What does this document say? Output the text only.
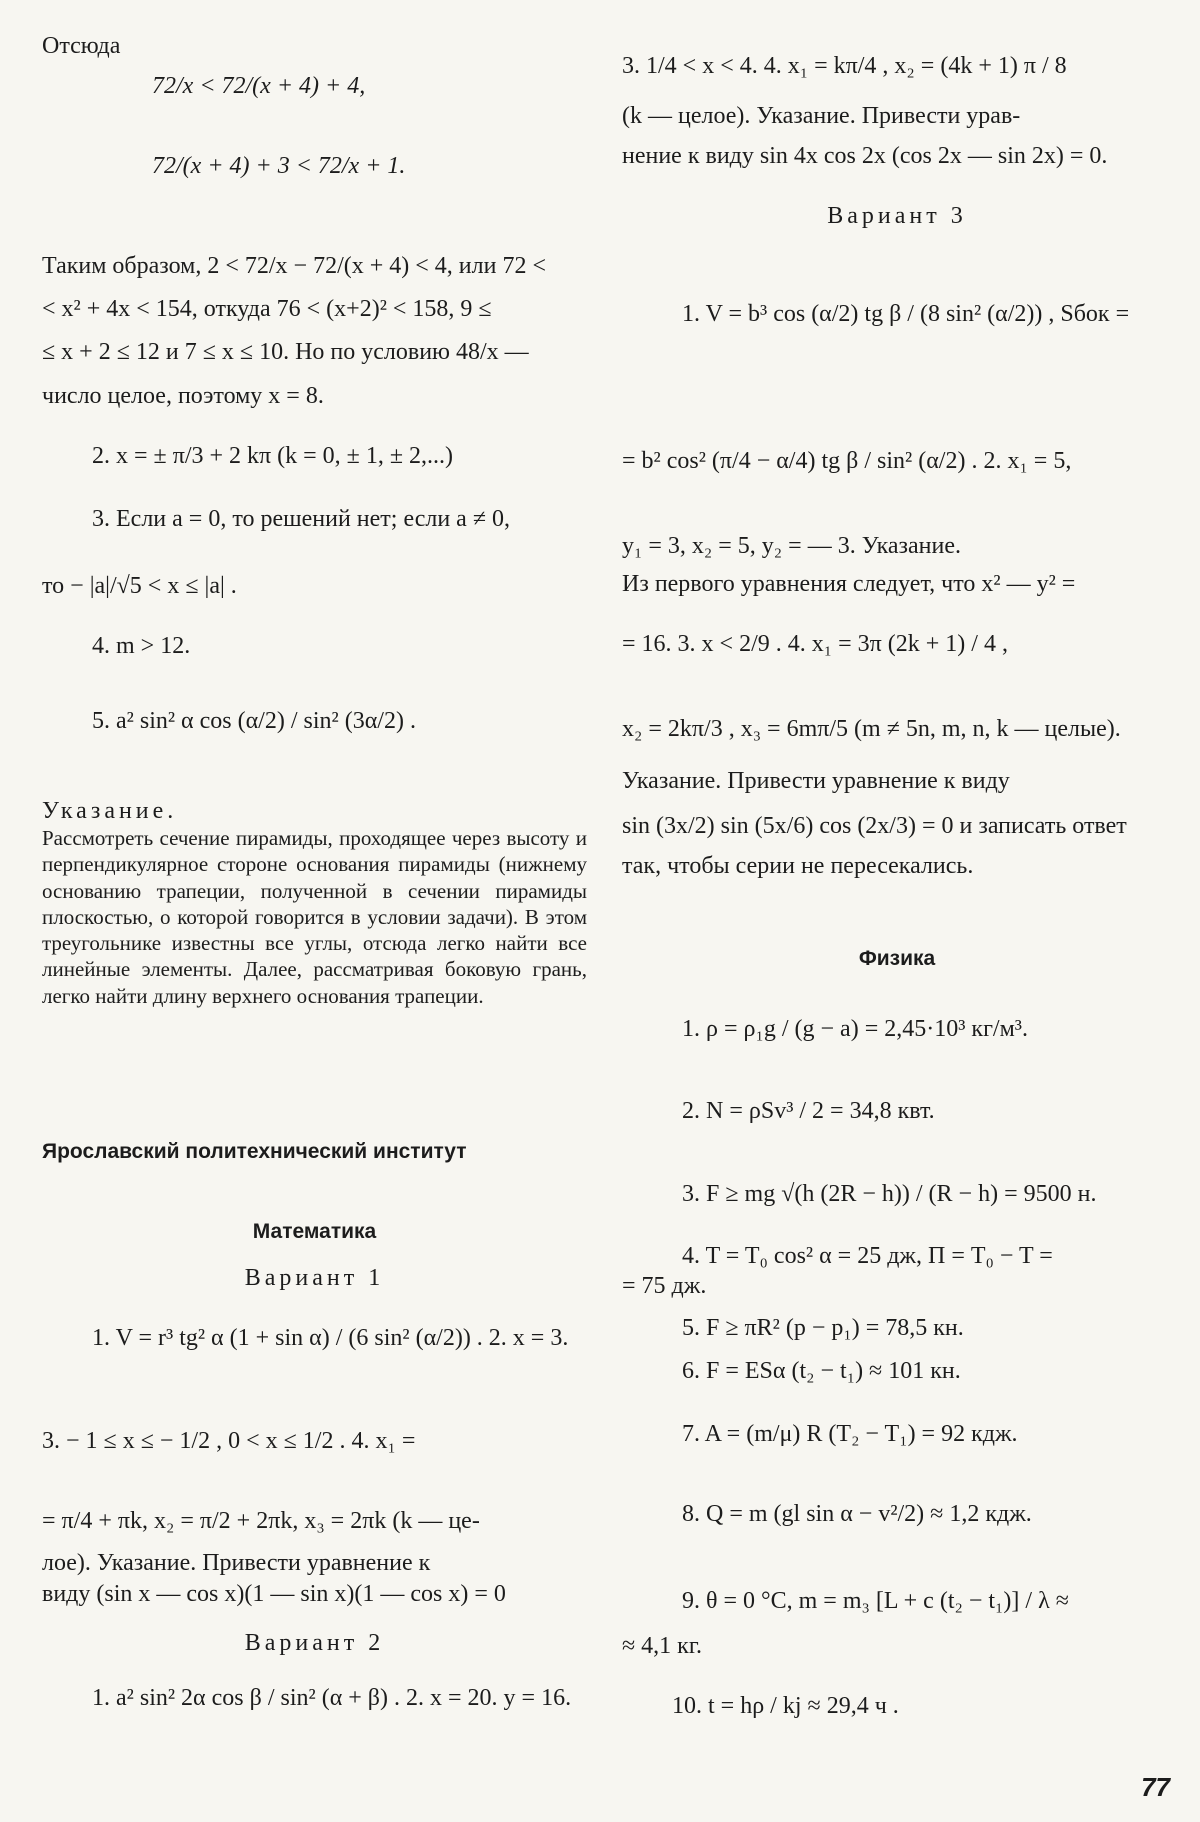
Отсюда
72/x < 72/(x + 4) + 4,
72/(x + 4) + 3 < 72/x + 1.
Таким образом, 2 < 72/x − 72/(x + 4) < 4, или 72 <
< x² + 4x < 154, откуда 76 < (x+2)² < 158, 9 ≤
≤ x + 2 ≤ 12 и 7 ≤ x ≤ 10. Но по условию 48/x —
число целое, поэтому x = 8.
2. x = ± π/3 + 2 kπ (k = 0, ± 1, ± 2,...)
3. Если a = 0, то решений нет; если a ≠ 0,
то − |a|/√5 < x ≤ |a| .
4. m > 12.
5. a² sin² α cos (α/2) / sin² (3α/2) .
Указание.
Рассмотреть сечение пирамиды, проходящее через высоту и перпендикулярное стороне основания пирамиды (нижнему основанию трапеции, полученной в сечении пирамиды плоскостью, о которой говорится в условии задачи). В этом треугольнике известны все углы, отсюда легко найти все линейные элементы. Далее, рассматривая боковую грань, легко найти длину верхнего основания трапеции.
Ярославский политехнический институт
Математика
Вариант 1
1. V = r³ tg² α (1 + sin α) / (6 sin² (α/2)) . 2. x = 3.
3. − 1 ≤ x ≤ − 1/2 , 0 < x ≤ 1/2 . 4. x₁ =
= π/4 + πk, x₂ = π/2 + 2πk, x₃ = 2πk (k — це-
лое). Указание. Привести уравнение к
виду (sin x — cos x)(1 — sin x)(1 — cos x) = 0
Вариант 2
1. a² sin² 2α cos β / sin² (α + β) . 2. x = 20. y = 16.
3. 1/4 < x < 4. 4. x₁ = kπ/4 , x₂ = (4k + 1) π / 8
(k — целое). Указание. Привести урав-
нение к виду sin 4x cos 2x (cos 2x — sin 2x) = 0.
Вариант 3
1. V = b³ cos (α/2) tg β / (8 sin² (α/2)) , Sбок =
= b² cos² (π/4 − α/4) tg β / sin² (α/2) . 2. x₁ = 5,
y₁ = 3, x₂ = 5, y₂ = — 3. Указание.
Из первого уравнения следует, что x² — y² =
= 16. 3. x < 2/9 . 4. x₁ = 3π (2k + 1) / 4 ,
x₂ = 2kπ/3 , x₃ = 6mπ/5 (m ≠ 5n, m, n, k — целые).
Указание. Привести уравнение к виду
sin (3x/2) sin (5x/6) cos (2x/3) = 0 и записать ответ
так, чтобы серии не пересекались.
Физика
1. ρ = ρ₁g / (g − a) = 2,45·10³ кг/м³.
2. N = ρSv³ / 2 = 34,8 квт.
3. F ≥ mg √(h (2R − h)) / (R − h) = 9500 н.
4. T = T₀ cos² α = 25 дж, П = T₀ − T =
= 75 дж.
5. F ≥ πR² (p − p₁) = 78,5 кн.
6. F = ESα (t₂ − t₁) ≈ 101 кн.
7. A = (m/μ) R (T₂ − T₁) = 92 кдж.
8. Q = m (gl sin α − v²/2) ≈ 1,2 кдж.
9. θ = 0 °C, m = m₃ [L + c (t₂ − t₁)] / λ ≈
≈ 4,1 кг.
10. t = hρ / kj ≈ 29,4 ч .
77
